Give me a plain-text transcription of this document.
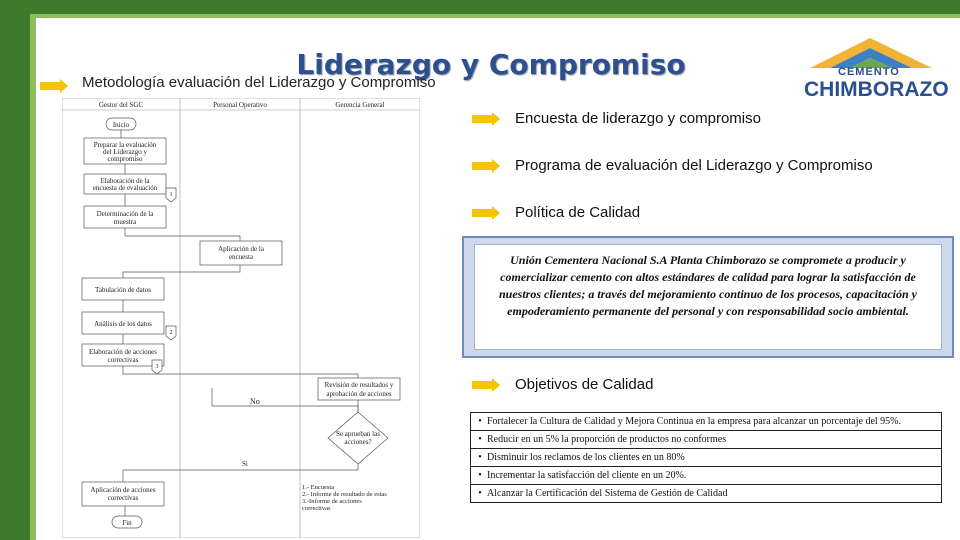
Liderazgo y Compromiso
Metodología evaluación del Liderazgo y Compromiso
CEMENTO
CHIMBORAZO
Gestor del SGC	Personal Operativo	Gerencia General
Inicio
Preparar la evaluación
del Liderazgo y
compromiso
Elaboración de la
encuesta de evaluación
Determinación de la
muestra
Aplicación de la
encuesta
Tabulación de datos
Análisis de los datos
Elaboración de acciones
correctivas
Revisión de resultados y
aprobación de acciones
Se aprueban las
acciones?
Aplicación de acciones
correctivas
Fin
1
2
3
No
Si
1.- Encuesta
2.- Informe de resultado de estas
3.-Informe de acciones
correctivas
Encuesta de liderazgo y compromiso
Programa de evaluación del Liderazgo y Compromiso
Política de Calidad
Unión Cementera Nacional S.A Planta Chimborazo se compromete a producir y comercializar cemento con altos estándares de calidad para lograr la satisfacción de nuestros clientes; a través del mejoramiento continuo de los procesos, capacitación y empoderamiento permanente del personal y con responsabilidad socio ambiental.
Objetivos de Calidad
• Fortalecer la Cultura de Calidad y Mejora Continua en la empresa para alcanzar un porcentaje del 95%.
• Reducir en un 5% la proporción de productos no conformes
• Disminuir los reclamos de los clientes en un 80%
• Incrementar la satisfacción del cliente en un 20%.
• Alcanzar la Certificación del Sistema de Gestión de Calidad
